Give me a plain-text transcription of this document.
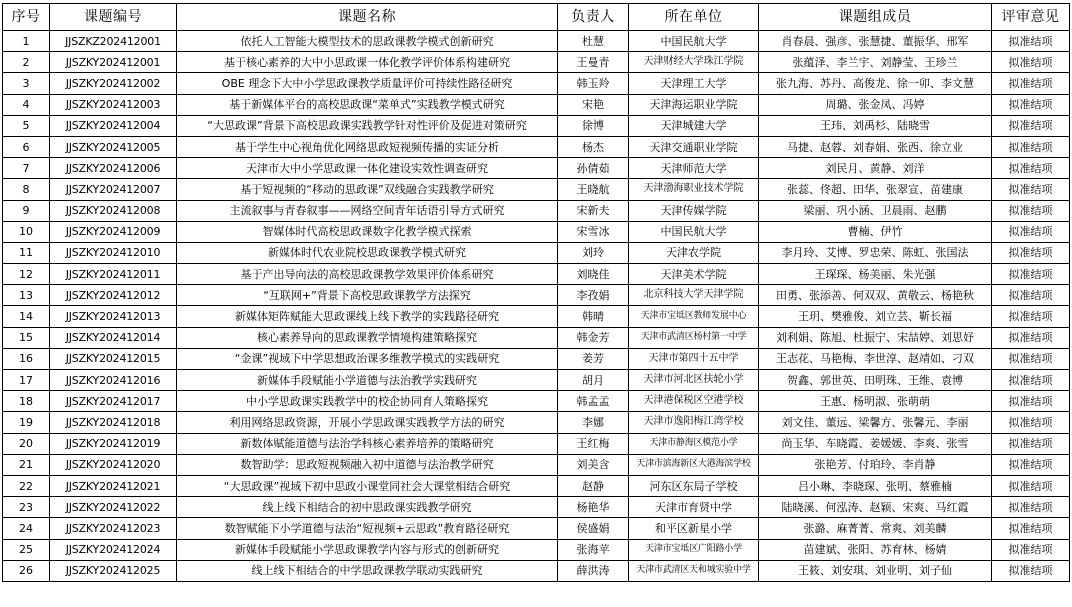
序号	课题编号	课题名称	负责人	所在单位	课题组成员	评审意见
1	JJSZKZ202412001	依托人工智能大模型技术的思政课教学模式创新研究	杜慧	中国民航大学	肖春晨、强彦、张慧捷、董振华、邢军	拟准结项
2	JJSZKY202412001	基于核心素养的大中小思政课一体化教学评价体系构建研究	王曼青	天津财经大学珠江学院	张蕴泽、李兰宇、刘静莹、王珍兰	拟准结项
3	JJSZKY202412002	OBE 理念下大中小学思政课教学质量评价可持续性路径研究	韩玉羚	天津理工大学	张九海、苏丹、高俊龙、徐一卯、李文慧	拟准结项
4	JJSZKY202412003	基于新媒体平台的高校思政课“菜单式”实践教学模式研究	宋艳	天津海运职业学院	周璐、张金凤、冯婷	拟准结项
5	JJSZKY202412004	“大思政课”背景下高校思政课实践教学针对性评价及促进对策研究	徐博	天津城建大学	王玮、刘禹杉、陆晓雪	拟准结项
6	JJSZKY202412005	基于学生中心视角优化网络思政短视频传播的实证分析	杨杰	天津交通职业学院	马捷、赵蓉、刘春娟、张西、徐立业	拟准结项
7	JJSZKY202412006	天津市大中小学思政课一体化建设实效性调查研究	孙倩茹	天津师范大学	刘民月、黄静、刘洋	拟准结项
8	JJSZKY202412007	基于短视频的“移动的思政课”双线融合实践教学研究	王晓航	天津渤海职业技术学院	张蕊、佟超、田华、张翠宣、苗建康	拟准结项
9	JJSZKY202412008	主流叙事与青春叙事——网络空间青年话语引导方式研究	宋新夫	天津传媒学院	梁丽、巩小涵、卫晨雨、赵鹏	拟准结项
10	JJSZKY202412009	智媒体时代高校思政课数字化教学模式探索	宋雪冰	中国民航大学	曹楠、伊竹	拟准结项
11	JJSZKY202412010	新媒体时代农业院校思政课教学模式研究	刘玲	天津农学院	李月玲、艾博、罗忠荣、陈虹、张国法	拟准结项
12	JJSZKY202412011	基于产出导向法的高校思政课教学效果评价体系研究	刘晓佳	天津美术学院	王琛琛、杨美丽、朱光强	拟准结项
13	JJSZKY202412012	“互联网+”背景下高校思政课教学方法探究	李孜娟	北京科技大学天津学院	田勇、张添善、何双双、黄敬云、杨艳秋	拟准结项
14	JJSZKY202412013	新媒体矩阵赋能大思政课线上线下教学的实践路径研究	韩晴	天津市宝坻区教师发展中心	王玥、樊雅俊、刘立芸、靳长福	拟准结项
15	JJSZKY202412014	核心素养导向的思政课教学情境构建策略探究	韩金芳	天津市武清区杨村第一中学	刘利娟、陈旭、杜振宁、宋喆婷、刘思妤	拟准结项
16	JJSZKY202412015	“金课”视域下中学思想政治课多维教学模式的实践研究	姜芳	天津市第四十五中学	王志花、马艳梅、李世淳、赵靖如、刁双	拟准结项
17	JJSZKY202412016	新媒体手段赋能小学道德与法治教学实践研究	胡月	天津市河北区扶轮小学	贺鑫、郭世英、田明珠、王维、袁博	拟准结项
18	JJSZKY202412017	中小学思政课实践教学中的校企协同育人策略探究	韩孟孟	天津港保税区空港学校	王惠、杨明淑、张萌萌	拟准结项
19	JJSZKY202412018	利用网络思政资源，开展小学思政课实践教学方法的研究	李娜	天津市逸阳梅江湾学校	刘文佳、董远、梁馨方、张馨元、李丽	拟准结项
20	JJSZKY202412019	新数体赋能道德与法治学科核心素养培养的策略研究	王红梅	天津市静海区模范小学	尚玉华、车晓霞、姜媛媛、李爽、张雪	拟准结项
21	JJSZKY202412020	数智助学：思政短视频融入初中道德与法治教学研究	刘美含	天津市滨海新区大港海滨学校	张艳芳、付珀玲、李肖静	拟准结项
22	JJSZKY202412021	“大思政课”视域下初中思政小课堂同社会大课堂相结合研究	赵静	河东区东局子学校	吕小琳、李晓琛、张明、蔡雅楠	拟准结项
23	JJSZKY202412022	线上线下相结合的初中思政课实践教学研究	杨艳华	天津市育贤中学	陆晓溪、何泓涛、赵颖、宋爽、马红霞	拟准结项
24	JJSZKY202412023	数智赋能下小学道德与法治“短视频+云思政”教育路径研究	侯盛娟	和平区新星小学	张潞、麻菁菁、常爽、刘美麟	拟准结项
25	JJSZKY202412024	新媒体手段赋能小学思政课教学内容与形式的创新研究	张海苹	天津市宝坻区广阳路小学	苗建斌、张阳、苏育林、杨婧	拟准结项
26	JJSZKY202412025	线上线下相结合的中学思政课教学联动实践研究	薛洪涛	天津市武清区天和城实验中学	王筱、刘安琪、刘业明、刘子仙	拟准结项
